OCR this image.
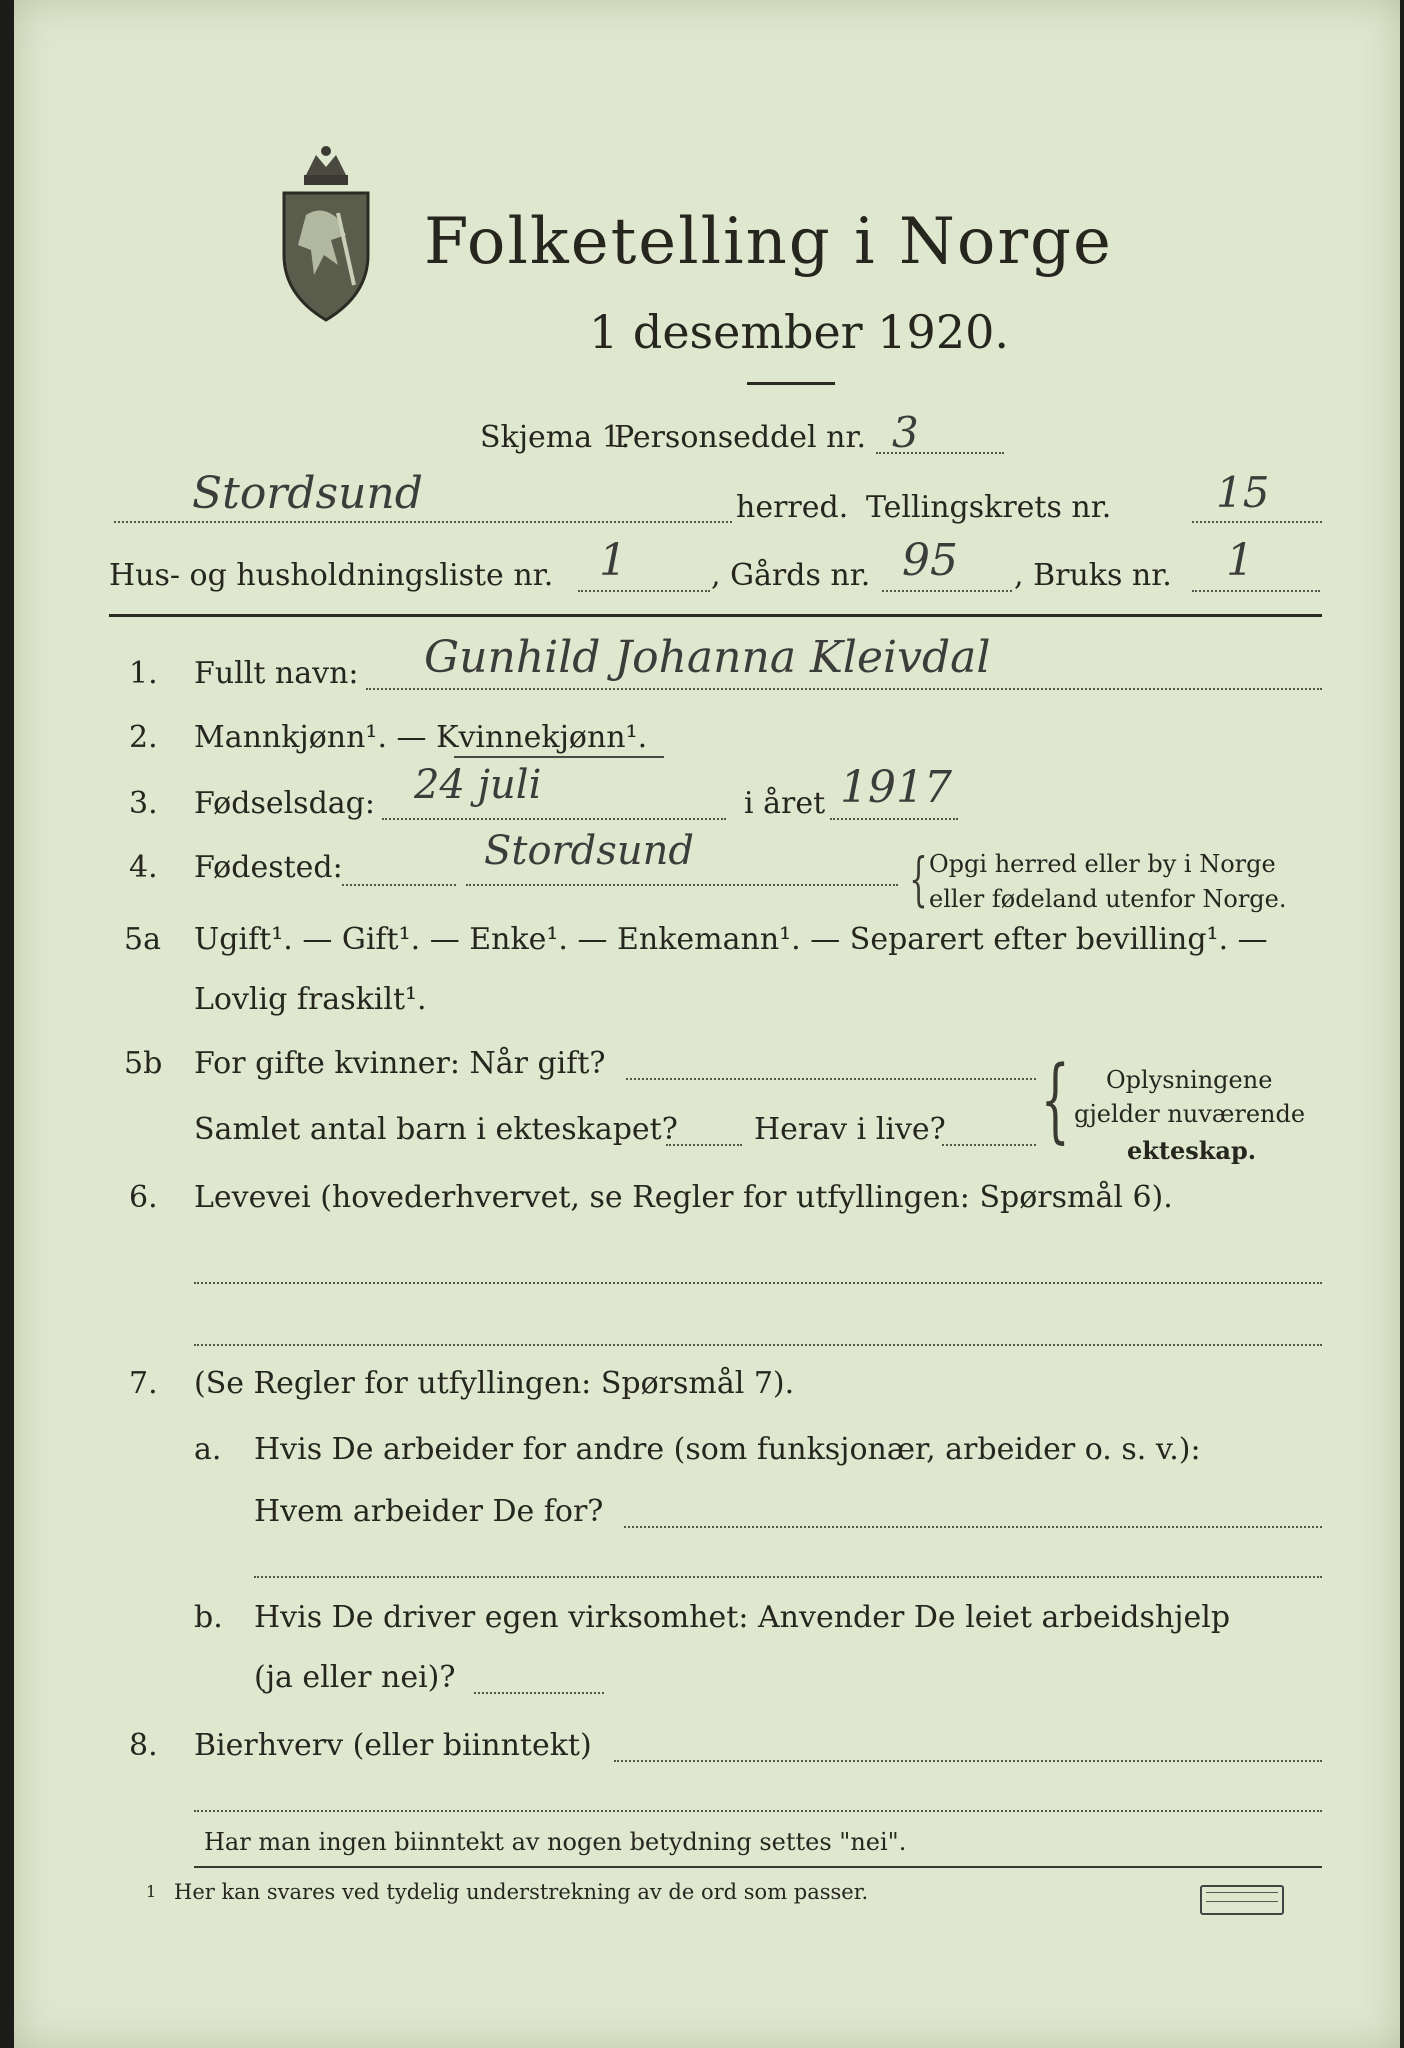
Folketelling i Norge
1 desember 1920.
Skjema 1.
Personseddel nr. 3
Stordsund	herred. Tellingskrets nr. 15
Hus- og husholdningsliste nr. 1	, Gårds nr. 95 , Bruks nr. 1
1. Fullt navn: Gunhild Johanna Kleivdal
2. Mannkjønn¹. — Kvinnekjønn¹.
3. Fødselsdag: 24 juli	i året 1917
4. Fødested:	Stordsund	{ Opgi herred eller by i Norge
eller fødeland utenfor Norge.
5a Ugift¹. — Gift¹. — Enke¹. — Enkemann¹. — Separert efter bevilling¹. —
Lovlig fraskilt¹.
5b For gifte kvinner: Når gift?
Samlet antal barn i ekteskapet?	Herav i live? { Oplysningene
gjelder nuværende
ekteskap.
6. Levevei (hovederhvervet, se Regler for utfyllingen: Spørsmål 6).
7. (Se Regler for utfyllingen: Spørsmål 7).
a. Hvis De arbeider for andre (som funksjonær, arbeider o. s. v.):
Hvem arbeider De for?
b. Hvis De driver egen virksomhet: Anvender De leiet arbeidshjelp
(ja eller nei)?
8. Bierhverv (eller biinntekt)
Har man ingen biinntekt av nogen betydning settes "nei".
1 Her kan svares ved tydelig understrekning av de ord som passer.
